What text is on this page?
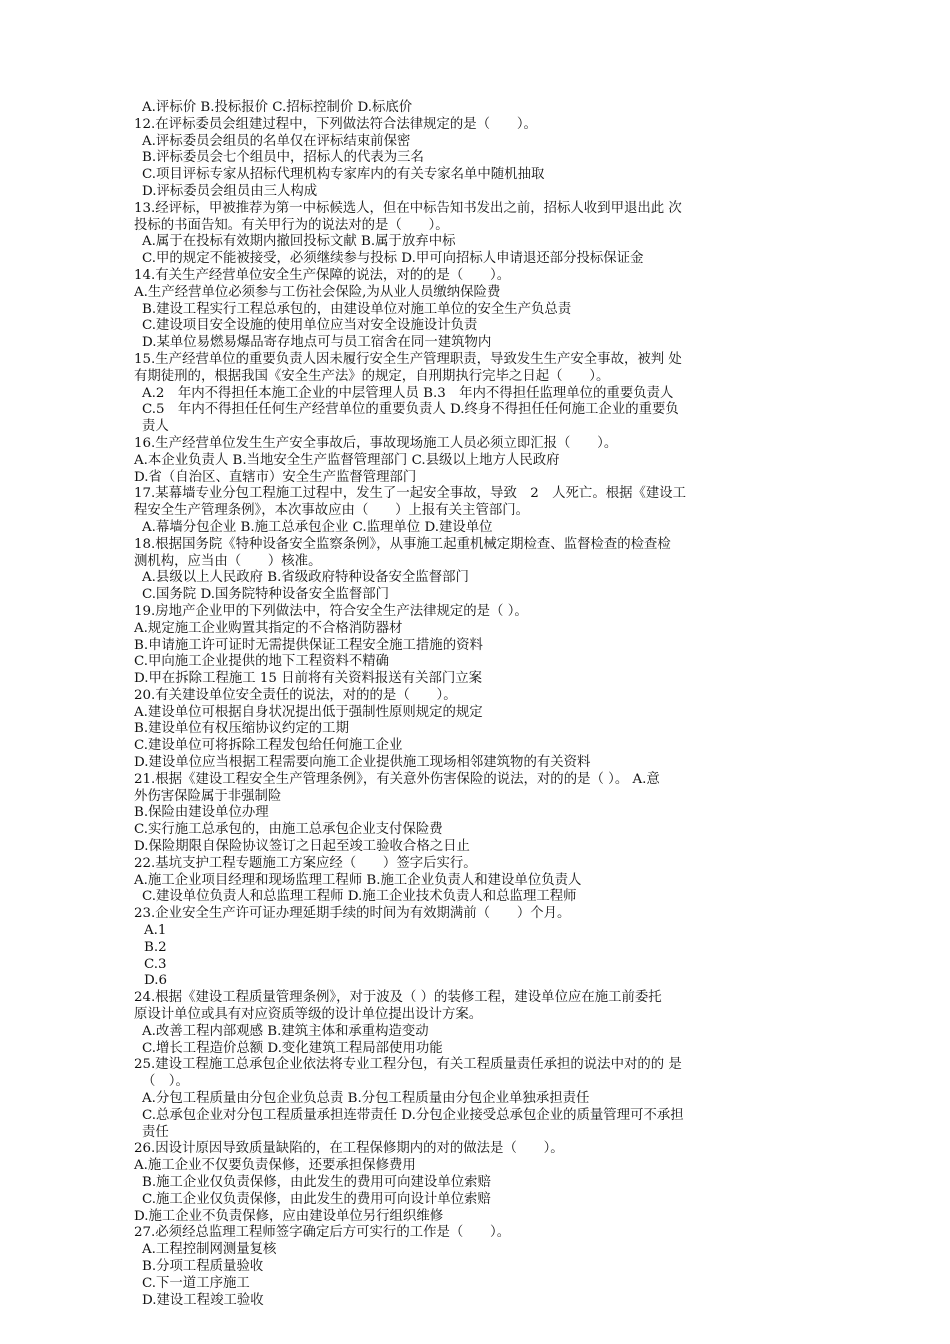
A.评标价 B.投标报价 C.招标控制价 D.标底价
12.在评标委员会组建过程中，下列做法符合法律规定的是（　　）。
A.评标委员会组员的名单仅在评标结束前保密
B.评标委员会七个组员中，招标人的代表为三名
C.项目评标专家从招标代理机构专家库内的有关专家名单中随机抽取
D.评标委员会组员由三人构成
13.经评标，甲被推荐为第一中标候选人，但在中标告知书发出之前，招标人收到甲退出此 次
投标的书面告知。有关甲行为的说法对的是（　　）。
A.属于在投标有效期内撤回投标文献 B.属于放弃中标
C.甲的规定不能被接受，必须继续参与投标 D.甲可向招标人申请退还部分投标保证金
14.有关生产经营单位安全生产保障的说法，对的的是（　　）。
A.生产经营单位必须参与工伤社会保险,为从业人员缴纳保险费
B.建设工程实行工程总承包的，由建设单位对施工单位的安全生产负总责
C.建设项目安全设施的使用单位应当对安全设施设计负责
D.某单位易燃易爆品寄存地点可与员工宿舍在同一建筑物内
15.生产经营单位的重要负责人因未履行安全生产管理职责，导致发生生产安全事故，被判 处
有期徒刑的，根据我国《安全生产法》的规定，自刑期执行完毕之日起（　　）。
A.2　年内不得担任本施工企业的中层管理人员 B.3　年内不得担任监理单位的重要负责人
C.5　年内不得担任任何生产经营单位的重要负责人 D.终身不得担任任何施工企业的重要负
责人
16.生产经营单位发生生产安全事故后，事故现场施工人员必须立即汇报（　　）。
A.本企业负责人 B.当地安全生产监督管理部门 C.县级以上地方人民政府
D.省（自治区、直辖市）安全生产监督管理部门
17.某幕墙专业分包工程施工过程中，发生了一起安全事故，导致　2　人死亡。根据《建设工
程安全生产管理条例》，本次事故应由（　　）上报有关主管部门。
A.幕墙分包企业 B.施工总承包企业 C.监理单位 D.建设单位
18.根据国务院《特种设备安全监察条例》，从事施工起重机械定期检查、监督检查的检查检
测机构，应当由（　　）核准。
A.县级以上人民政府 B.省级政府特种设备安全监督部门
C.国务院 D.国务院特种设备安全监督部门
19.房地产企业甲的下列做法中，符合安全生产法律规定的是（ ）。
A.规定施工企业购置其指定的不合格消防器材
B.申请施工许可证时无需提供保证工程安全施工措施的资料
C.甲向施工企业提供的地下工程资料不精确
D.甲在拆除工程施工 15 日前将有关资料报送有关部门立案
20.有关建设单位安全责任的说法，对的的是（　　）。
A.建设单位可根据自身状况提出低于强制性原则规定的规定
B.建设单位有权压缩协议约定的工期
C.建设单位可将拆除工程发包给任何施工企业
D.建设单位应当根据工程需要向施工企业提供施工现场相邻建筑物的有关资料
21.根据《建设工程安全生产管理条例》，有关意外伤害保险的说法，对的的是（ ）。 A.意
外伤害保险属于非强制险
B.保险由建设单位办理
C.实行施工总承包的，由施工总承包企业支付保险费
D.保险期限自保险协议签订之日起至竣工验收合格之日止
22.基坑支护工程专题施工方案应经（　　）签字后实行。
A.施工企业项目经理和现场监理工程师 B.施工企业负责人和建设单位负责人
C.建设单位负责人和总监理工程师 D.施工企业技术负责人和总监理工程师
23.企业安全生产许可证办理延期手续的时间为有效期满前（　　）个月。
A.1
B.2
C.3
D.6
24.根据《建设工程质量管理条例》，对于波及（ ）的装修工程，建设单位应在施工前委托
原设计单位或具有对应资质等级的设计单位提出设计方案。
A.改善工程内部观感 B.建筑主体和承重构造变动
C.增长工程造价总额 D.变化建筑工程局部使用功能
25.建设工程施工总承包企业依法将专业工程分包，有关工程质量责任承担的说法中对的的 是
（　）。
A.分包工程质量由分包企业负总责 B.分包工程质量由分包企业单独承担责任
C.总承包企业对分包工程质量承担连带责任 D.分包企业接受总承包企业的质量管理可不承担
责任
26.因设计原因导致质量缺陷的，在工程保修期内的对的做法是（　　）。
A.施工企业不仅要负责保修，还要承担保修费用
B.施工企业仅负责保修，由此发生的费用可向建设单位索赔
C.施工企业仅负责保修，由此发生的费用可向设计单位索赔
D.施工企业不负责保修，应由建设单位另行组织维修
27.必须经总监理工程师签字确定后方可实行的工作是（　　）。
A.工程控制网测量复核
B.分项工程质量验收
C.下一道工序施工
D.建设工程竣工验收
